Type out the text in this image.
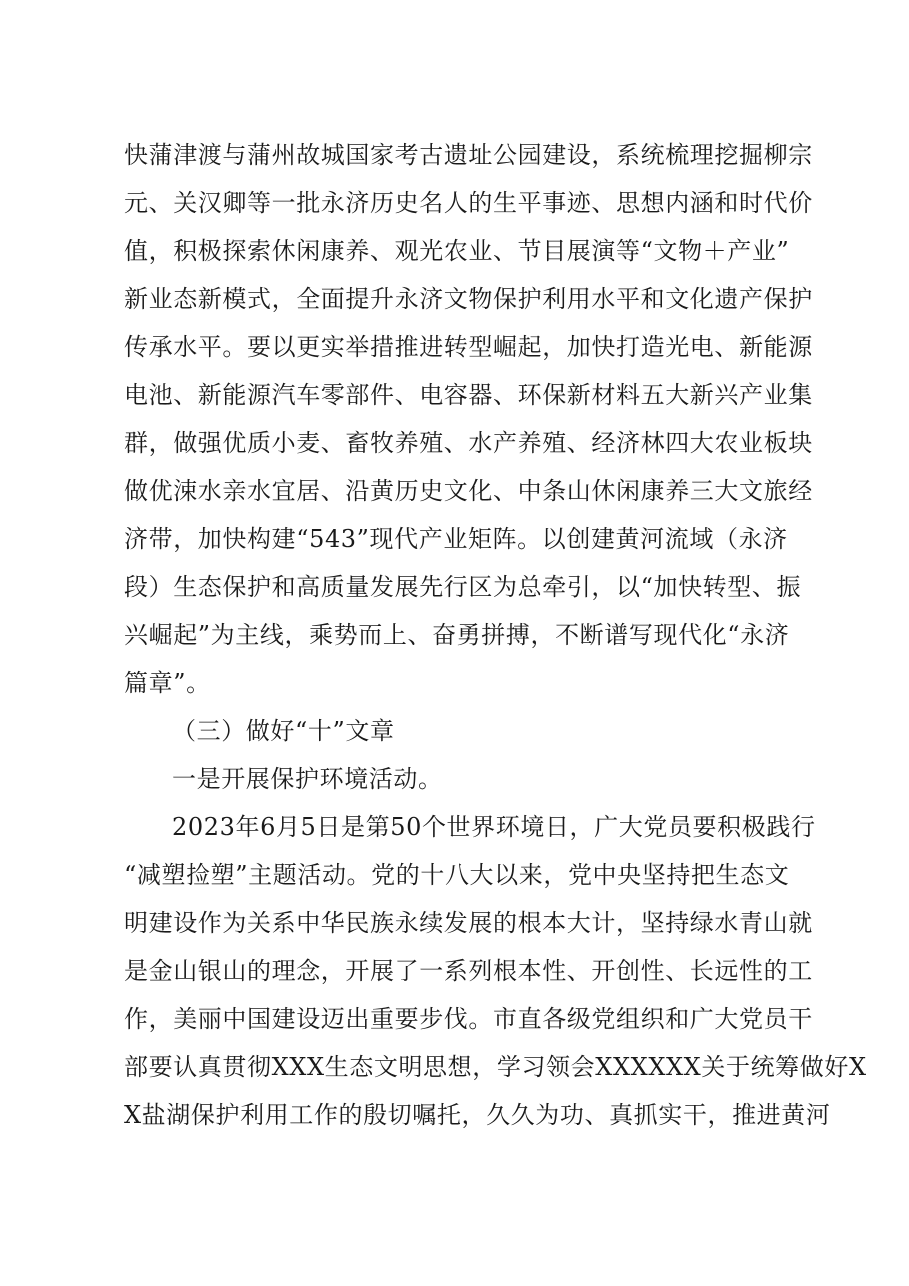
快蒲津渡与蒲州故城国家考古遗址公园建设，系统梳理挖掘柳宗
元、关汉卿等一批永济历史名人的生平事迹、思想内涵和时代价
值，积极探索休闲康养、观光农业、节目展演等“文物＋产业”
新业态新模式，全面提升永济文物保护利用水平和文化遗产保护
传承水平。要以更实举措推进转型崛起，加快打造光电、新能源
电池、新能源汽车零部件、电容器、环保新材料五大新兴产业集
群，做强优质小麦、畜牧养殖、水产养殖、经济林四大农业板块
做优涑水亲水宜居、沿黄历史文化、中条山休闲康养三大文旅经
济带，加快构建“543”现代产业矩阵。以创建黄河流域（永济
段）生态保护和高质量发展先行区为总牵引，以“加快转型、振
兴崛起”为主线，乘势而上、奋勇拼搏，不断谱写现代化“永济
篇章”。
（三）做好“十”文章
一是开展保护环境活动。
2023年6月5日是第50个世界环境日，广大党员要积极践行
“减塑捡塑”主题活动。党的十八大以来，党中央坚持把生态文
明建设作为关系中华民族永续发展的根本大计，坚持绿水青山就
是金山银山的理念，开展了一系列根本性、开创性、长远性的工
作，美丽中国建设迈出重要步伐。市直各级党组织和广大党员干
部要认真贯彻XXX生态文明思想，学习领会XXXXXX关于统筹做好X
X盐湖保护利用工作的殷切嘱托，久久为功、真抓实干，推进黄河
